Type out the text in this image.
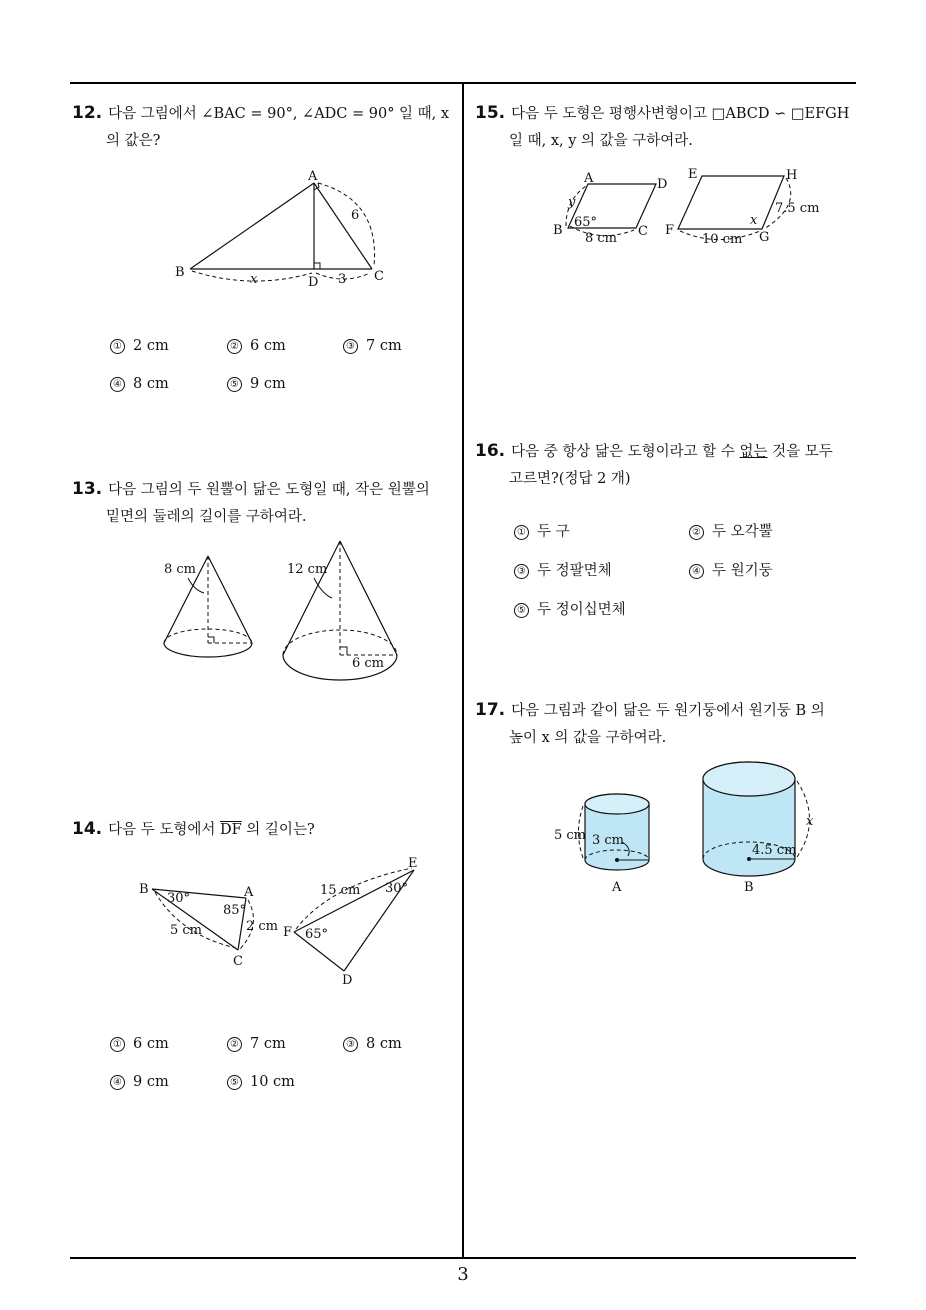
12. 다음 그림에서 ∠BAC = 90°, ∠ADC = 90° 일 때, x
의 값은?
A
B	C
D
6
3
x
① 2 cm	② 6 cm	③ 7 cm
④ 8 cm	⑤ 9 cm
13. 다음 그림의 두 원뿔이 닮은 도형일 때, 작은 원뿔의
밑면의 둘레의 길이를 구하여라.
8 cm	12 cm
6 cm
14. 다음 두 도형에서 $\overline{DF}$ 의 길이는?
B	A
C
30°
85°
5 cm	2 cm
E
F
D
15 cm 30°
65°
① 6 cm	② 7 cm	③ 8 cm
④ 9 cm	⑤ 10 cm
15. 다음 두 도형은 평행사변형이고 □ABCD ∽ □EFGH
일 때, x, y 의 값을 구하여라.
A	D
B	C
y
65°
8 cm
E	H
F	G
10 cm
7.5 cm
x
16. 다음 중 항상 닮은 도형이라고 할 수 없는 것을 모두
고르면?(정답 2 개)
① 두 구	② 두 오각뿔
③ 두 정팔면체	④ 두 원기둥
⑤ 두 정이십면체
17. 다음 그림과 같이 닮은 두 원기둥에서 원기둥 B 의
높이 x 의 값을 구하여라.
5 cm 3 cm
A
4.5 cm
x
B
3
